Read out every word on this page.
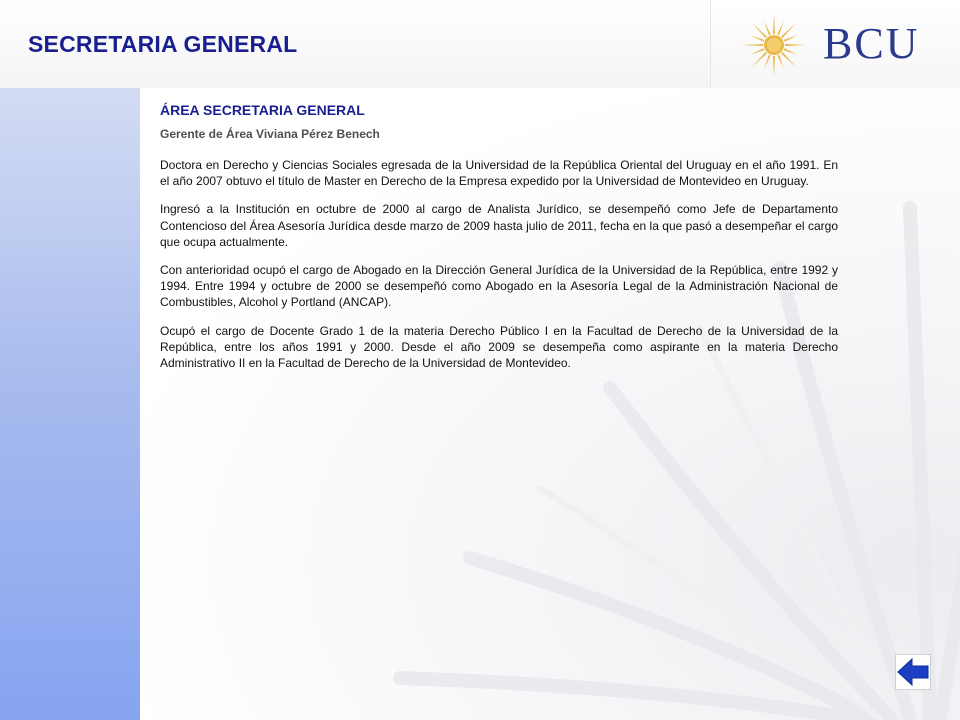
SECRETARIA GENERAL	BCU
ÁREA SECRETARIA GENERAL
Gerente de Área Viviana Pérez Benech

Doctora en Derecho y Ciencias Sociales egresada de la Universidad de la República Oriental del Uruguay en el año 1991. En el año 2007 obtuvo el título de Master en Derecho de la Empresa expedido por la Universidad de Montevideo en Uruguay.

Ingresó a la Institución en octubre de 2000 al cargo de Analista Jurídico, se desempeñó como Jefe de Departamento Contencioso del Área Asesoría Jurídica desde marzo de 2009 hasta julio de 2011, fecha en la que pasó a desempeñar el cargo que ocupa actualmente.

Con anterioridad ocupó el cargo de Abogado en la Dirección General Jurídica de la Universidad de la República, entre 1992 y 1994. Entre 1994 y octubre de 2000 se desempeñó como Abogado en la Asesoría Legal de la Administración Nacional de Combustibles, Alcohol y Portland (ANCAP).

Ocupó el cargo de Docente Grado 1 de la materia Derecho Público I en la Facultad de Derecho de la Universidad de la República, entre los años 1991 y 2000. Desde el año 2009 se desempeña como aspirante en la materia Derecho Administrativo II en la Facultad de Derecho de la Universidad de Montevideo.
